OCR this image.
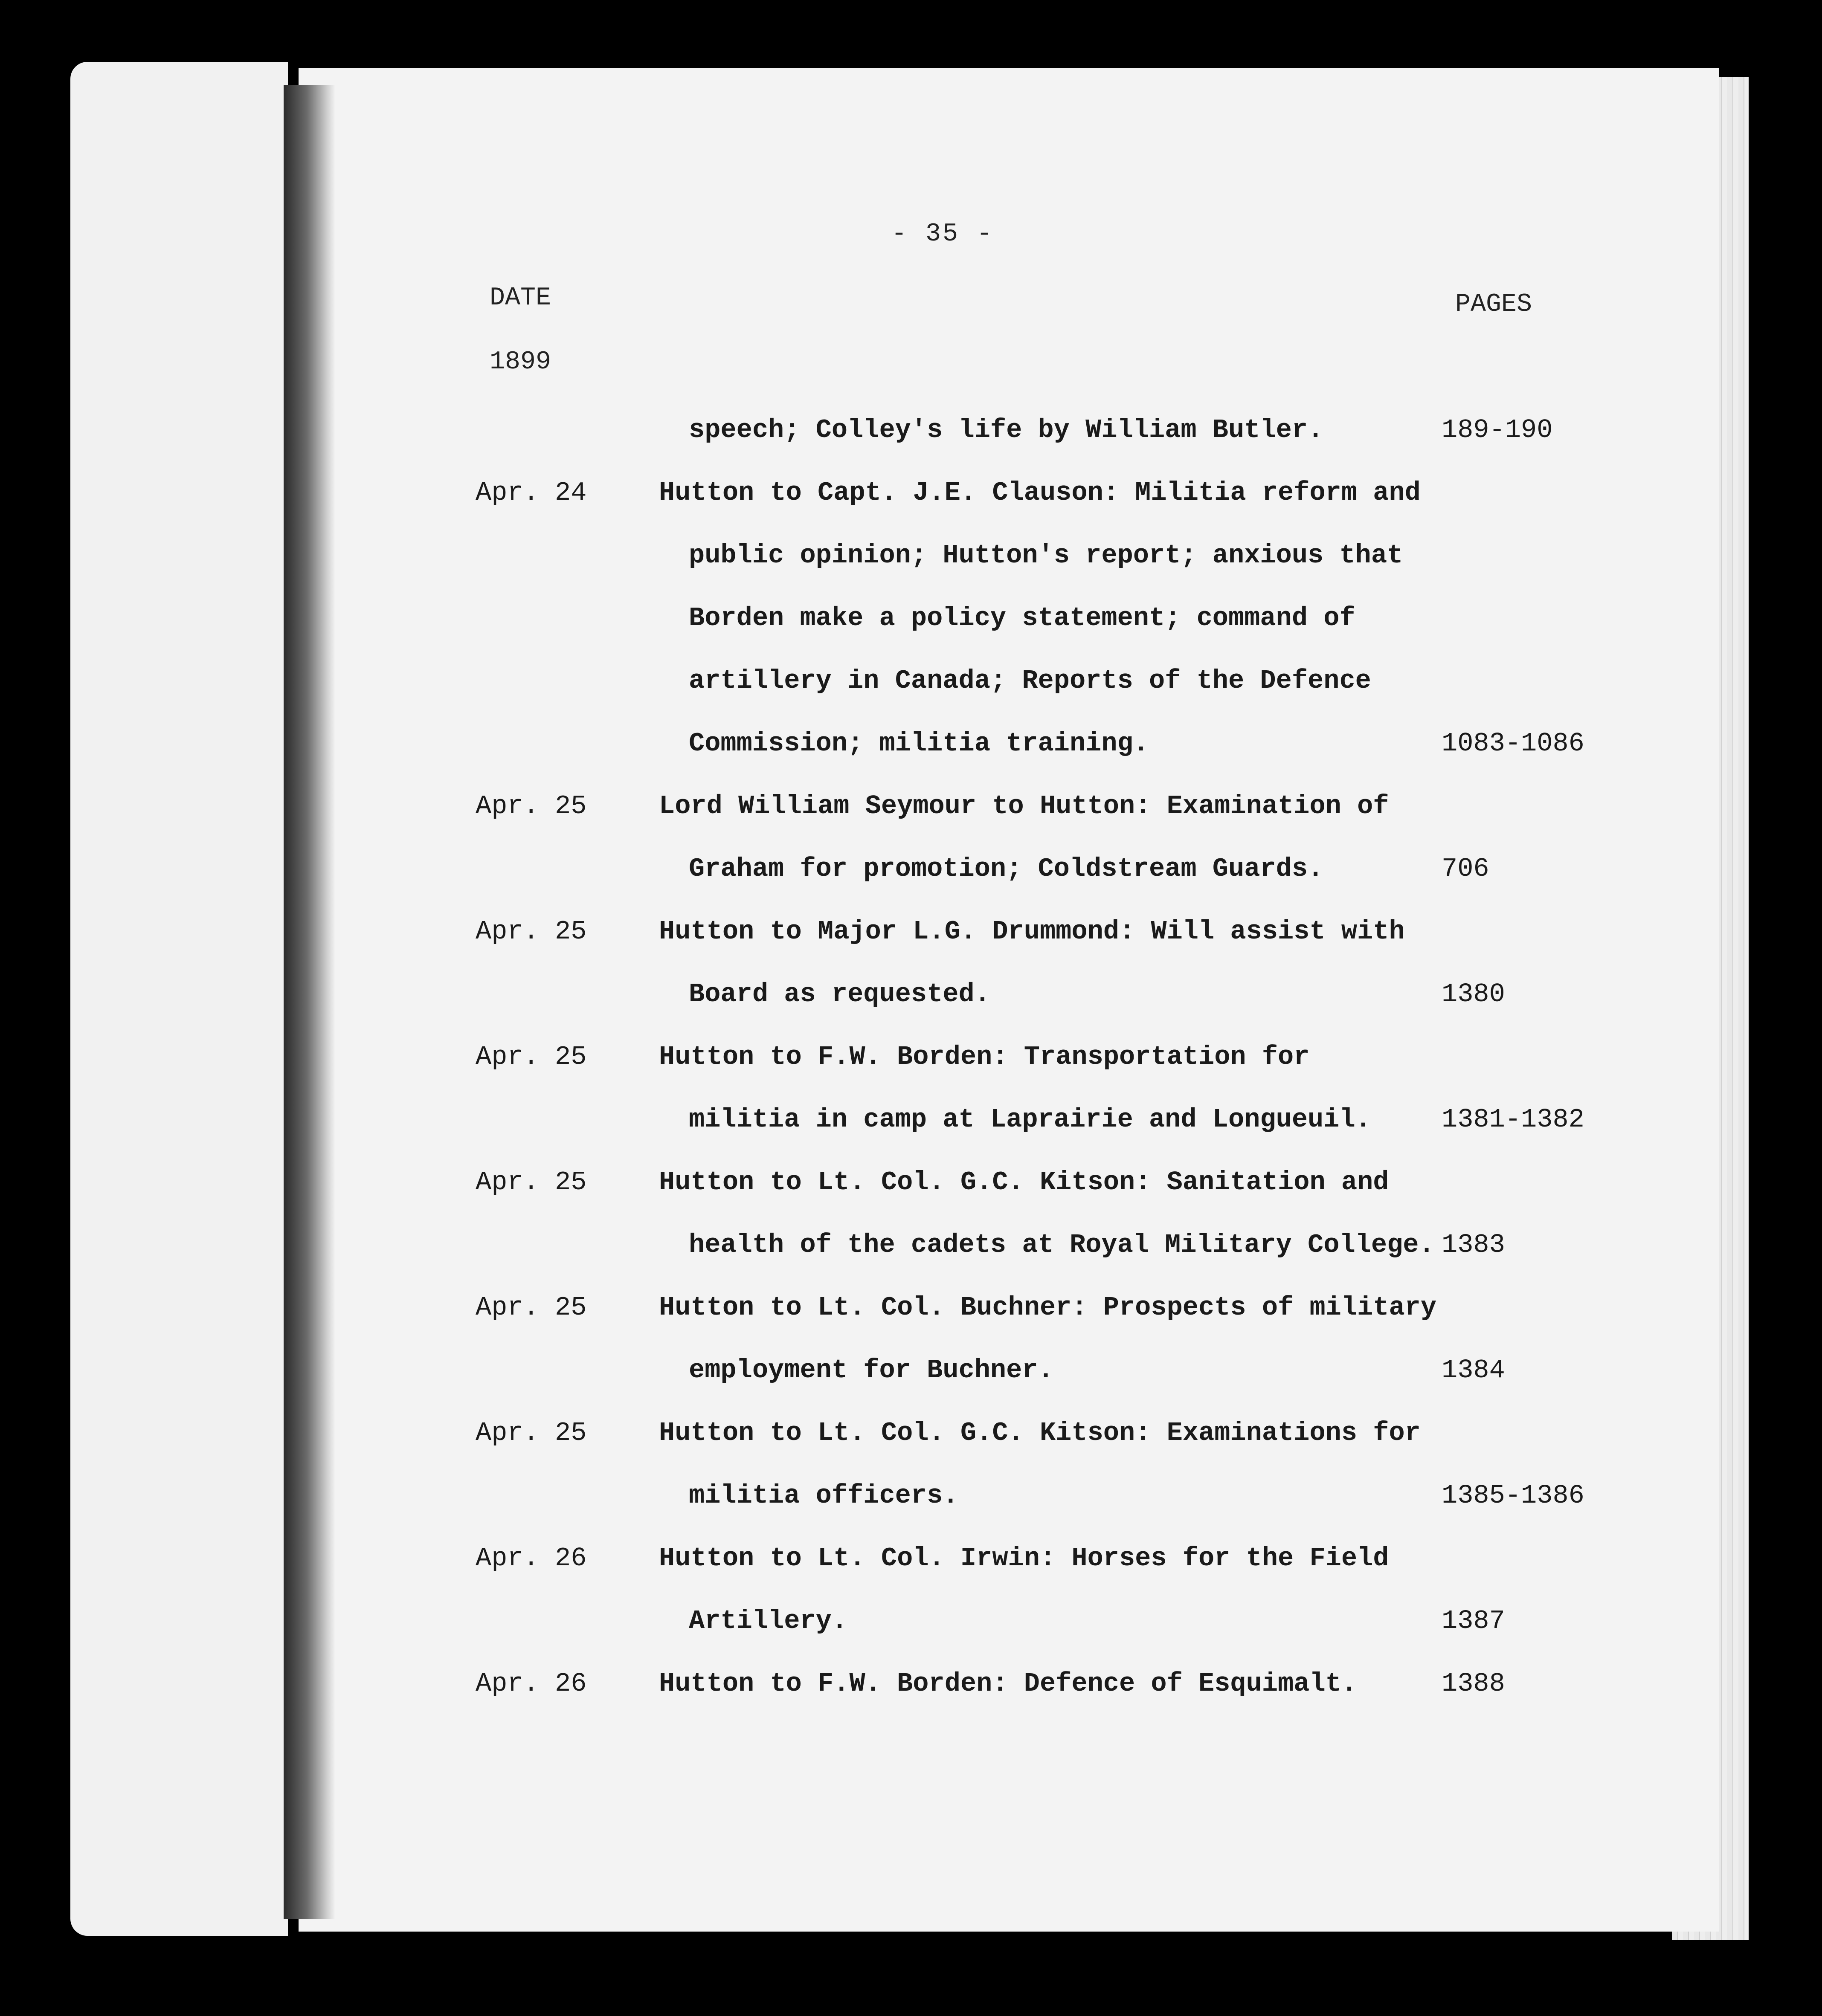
- 35 -
DATE	PAGES
1899
speech; Colley's life by William Butler.	189-190
Apr. 24	Hutton to Capt. J.E. Clauson: Militia reform and
public opinion; Hutton's report; anxious that
Borden make a policy statement; command of
artillery in Canada; Reports of the Defence
Commission; militia training.	1083-1086
Apr. 25	Lord William Seymour to Hutton: Examination of
Graham for promotion; Coldstream Guards.	706
Apr. 25	Hutton to Major L.G. Drummond: Will assist with
Board as requested.	1380
Apr. 25	Hutton to F.W. Borden: Transportation for
militia in camp at Laprairie and Longueuil.	1381-1382
Apr. 25	Hutton to Lt. Col. G.C. Kitson: Sanitation and
health of the cadets at Royal Military College. 1383
Apr. 25	Hutton to Lt. Col. Buchner: Prospects of military
employment for Buchner.	1384
Apr. 25	Hutton to Lt. Col. G.C. Kitson: Examinations for
militia officers.	1385-1386
Apr. 26	Hutton to Lt. Col. Irwin: Horses for the Field
Artillery.	1387
Apr. 26	Hutton to F.W. Borden: Defence of Esquimalt.	1388
